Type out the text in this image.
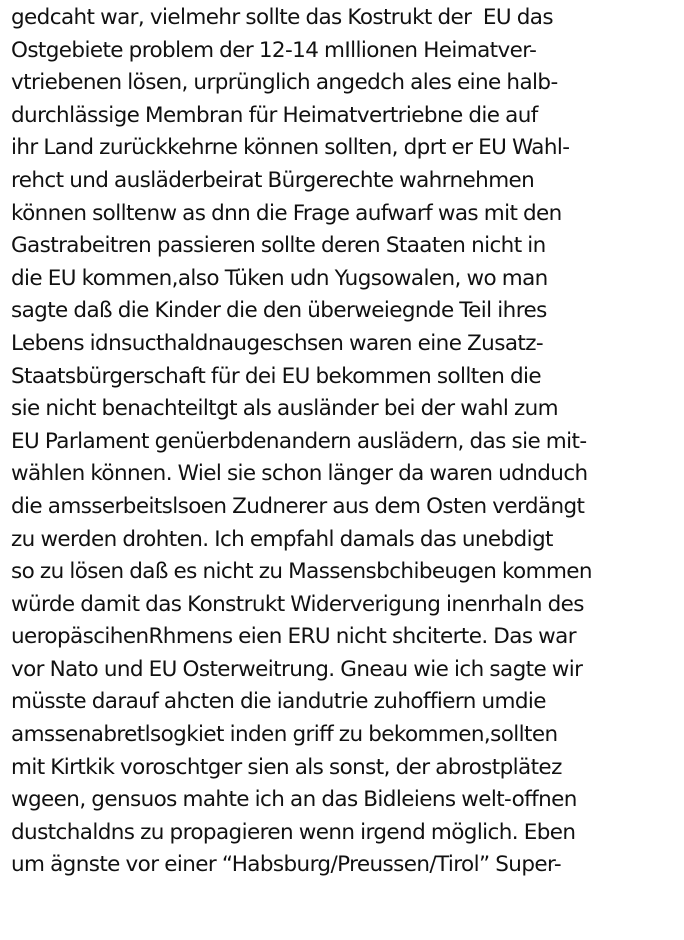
gedcaht war, vielmehr sollte das Kostrukt der  EU das
Ostgebiete problem der 12-14 mIllionen Heimatver-
vtriebenen lösen, urprünglich angedch ales eine halb-
durchlässige Membran für Heimatvertriebne die auf
ihr Land zurückkehrne können sollten, dprt er EU Wahl-
rehct und ausläderbeirat Bürgerechte wahrnehmen
können solltenw as dnn die Frage aufwarf was mit den
Gastrabeitren passieren sollte deren Staaten nicht in
die EU kommen,also Tüken udn Yugsowalen, wo man
sagte daß die Kinder die den überweiegnde Teil ihres
Lebens idnsucthaldnaugeschsen waren eine Zusatz-
Staatsbürgerschaft für dei EU bekommen sollten die
sie nicht benachteiltgt als ausländer bei der wahl zum
EU Parlament genüerbdenandern auslädern, das sie mit-
wählen können. Wiel sie schon länger da waren udnduch
die amsserbeitslsoen Zudnerer aus dem Osten verdängt
zu werden drohten. Ich empfahl damals das unebdigt
so zu lösen daß es nicht zu Massensbchibeugen kommen
würde damit das Konstrukt Widerverigung inenrhaln des
ueropäscihenRhmens eien ERU nicht shciterte. Das war
vor Nato und EU Osterweitrung. Gneau wie ich sagte wir
müsste darauf ahcten die iandutrie zuhoffiern umdie
amssenabretlsogkiet inden griff zu bekommen,sollten
mit Kirtkik voroschtger sien als sonst, der abrostplätez
wgeen, gensuos mahte ich an das Bidleiens welt-offnen
dustchaldns zu propagieren wenn irgend möglich. Eben
um ägnste vor einer “Habsburg/Preussen/Tirol” Super-
